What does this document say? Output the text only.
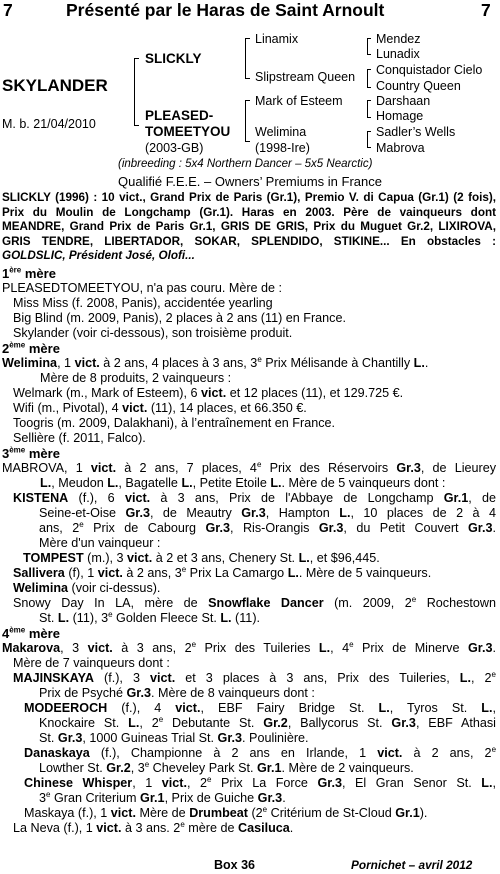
7	Présenté par le Haras de Saint Arnoult	7
SKYLANDER
M. b. 21/04/2010
SLICKLY
PLEASED-
TOMEETYOU
(2003-GB)
Linamix
Slipstream Queen
Mark of Esteem
Welimina
(1998-Ire)
Mendez
Lunadix
Conquistador Cielo
Country Queen
Darshaan
Homage
Sadler’s Wells
Mabrova
(inbreeding : 5x4 Northern Dancer – 5x5 Nearctic)
Qualifié F.E.E. – Owners’ Premiums in France
SLICKLY (1996) : 10 vict., Grand Prix de Paris (Gr.1), Premio V. di Capua (Gr.1) (2 fois), Prix du Moulin de Longchamp (Gr.1). Haras en 2003. Père de vainqueurs dont MEANDRE, Grand Prix de Paris Gr.1, GRIS DE GRIS, Prix du Muguet Gr.2, LIXIROVA, GRIS TENDRE, LIBERTADOR, SOKAR, SPLENDIDO, STIKINE... En obstacles : GOLDSLIC, Président José, Olofi...

1ère mère

PLEASEDTOMEETYOU, n'a pas couru. Mère de :

Miss Miss (f. 2008, Panis), accidentée yearling

Big Blind (m. 2009, Panis), 2 places à 2 ans (11) en France.

Skylander (voir ci-dessous), son troisième produit.

2ème mère

Welimina, 1 vict. à 2 ans, 4 places à 3 ans, 3e Prix Mélisande à Chantilly L..

Mère de 8 produits, 2 vainqueurs :

Welmark (m., Mark of Esteem), 6 vict. et 12 places (11), et 129.725 €.

Wifi (m., Pivotal), 4 vict. (11), 14 places, et 66.350 €.

Toogris (m. 2009, Dalakhani), à l’entraînement en France.

Sellière (f. 2011, Falco).

3ème mère

MABROVA, 1 vict. à 2 ans, 7 places, 4e Prix des Réservoirs Gr.3, de Lieurey

L., Meudon L., Bagatelle L., Petite Etoile L.. Mère de 5 vainqueurs dont :

KISTENA (f.), 6 vict. à 3 ans, Prix de l'Abbaye de Longchamp Gr.1, de

Seine-et-Oise Gr.3, de Meautry Gr.3, Hampton L., 10 places de 2 à 4

ans, 2e Prix de Cabourg Gr.3, Ris-Orangis Gr.3, du Petit Couvert Gr.3.

Mère d'un vainqueur :

TOMPEST (m.), 3 vict. à 2 et 3 ans, Chenery St. L., et $96,445.

Sallivera (f), 1 vict. à 2 ans, 3e Prix La Camargo L.. Mère de 5 vainqueurs.

Welimina (voir ci-dessus).

Snowy Day In LA, mère de Snowflake Dancer (m. 2009, 2e Rochestown

St. L. (11), 3e Golden Fleece St. L. (11).

4ème mère

Makarova, 3 vict. à 3 ans, 2e Prix des Tuileries L., 4e Prix de Minerve Gr.3.

Mère de 7 vainqueurs dont :

MAJINSKAYA (f.), 3 vict. et 3 places à 3 ans, Prix des Tuileries, L., 2e

Prix de Psyché Gr.3. Mère de 8 vainqueurs dont :

MODEEROCH (f.), 4 vict., EBF Fairy Bridge St. L., Tyros St. L.,

Knockaire St. L., 2e Debutante St. Gr.2, Ballycorus St. Gr.3, EBF Athasi

St. Gr.3, 1000 Guineas Trial St. Gr.3. Poulinière.

Danaskaya (f.), Championne à 2 ans en Irlande, 1 vict. à 2 ans, 2e

Lowther St. Gr.2, 3e Cheveley Park St. Gr.1. Mère de 2 vainqueurs.

Chinese Whisper, 1 vict., 2e Prix La Force Gr.3, El Gran Senor St. L.,

3e Gran Criterium Gr.1, Prix de Guiche Gr.3.

Maskaya (f.), 1 vict. Mère de Drumbeat (2e Critérium de St-Cloud Gr.1).

La Neva (f.), 1 vict. à 3 ans. 2e mère de Casiluca.

Box 36	Pornichet – avril 2012
